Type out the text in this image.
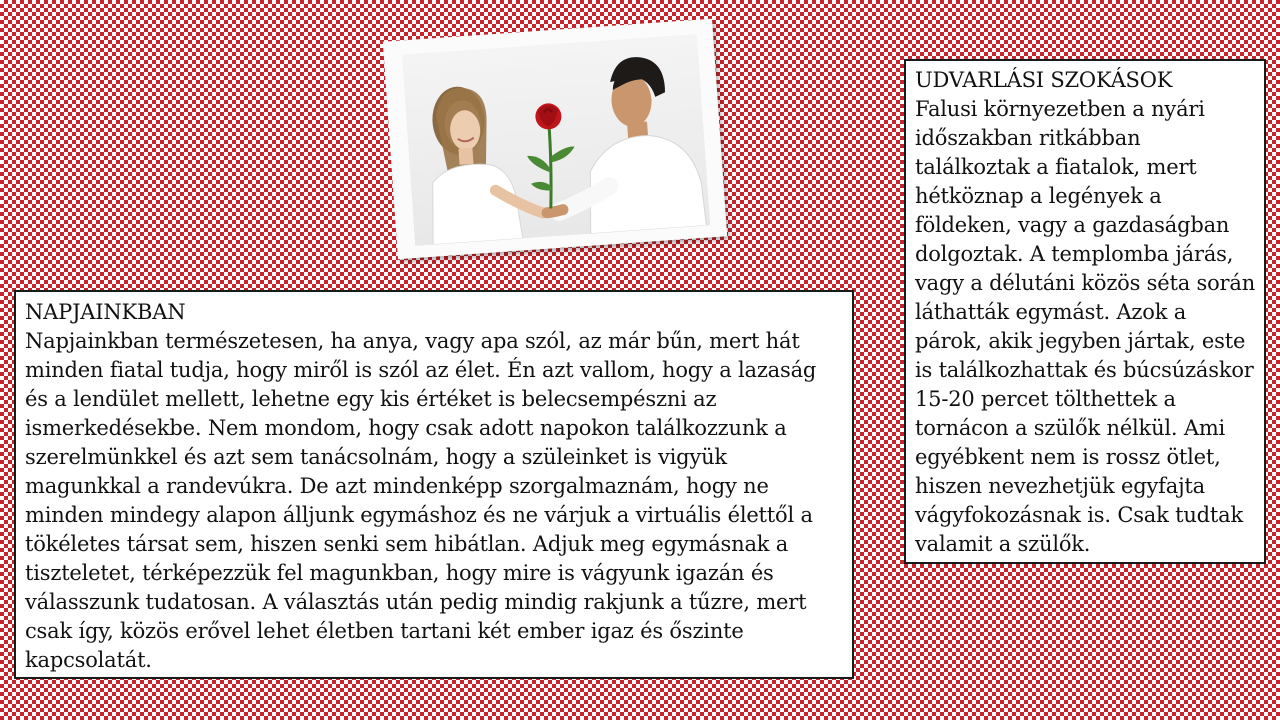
UDVARLÁSI SZOKÁSOK
Falusi környezetben a nyári időszakban ritkábban találkoztak a fiatalok, mert hétköznap a legények a földeken, vagy a gazdaságban dolgoztak. A templomba járás, vagy a délutáni közös séta során láthatták egymást. Azok a párok, akik jegyben jártak, este is találkozhattak és búcsúzáskor 15-20 percet tölthettek a tornácon a szülők nélkül. Ami egyébkent nem is rossz ötlet, hiszen nevezhetjük egyfajta vágyfokozásnak is. Csak tudtak valamit a szülők.
NAPJAINKBAN
Napjainkban természetesen, ha anya, vagy apa szól, az már bűn, mert hát minden fiatal tudja, hogy miről is szól az élet. Én azt vallom, hogy a lazaság és a lendület mellett, lehetne egy kis értéket is belecsempészni az ismerkedésekbe. Nem mondom, hogy csak adott napokon találkozzunk a szerelmünkkel és azt sem tanácsolnám, hogy a szüleinket is vigyük magunkkal a randevúkra. De azt mindenképp szorgalmaznám, hogy ne minden mindegy alapon álljunk egymáshoz és ne várjuk a virtuális élettől a tökéletes társat sem, hiszen senki sem hibátlan. Adjuk meg egymásnak a tiszteletet, térképezzük fel magunkban, hogy mire is vágyunk igazán és válasszunk tudatosan. A választás után pedig mindig rakjunk a tűzre, mert csak így, közös erővel lehet életben tartani két ember igaz és őszinte kapcsolatát.
